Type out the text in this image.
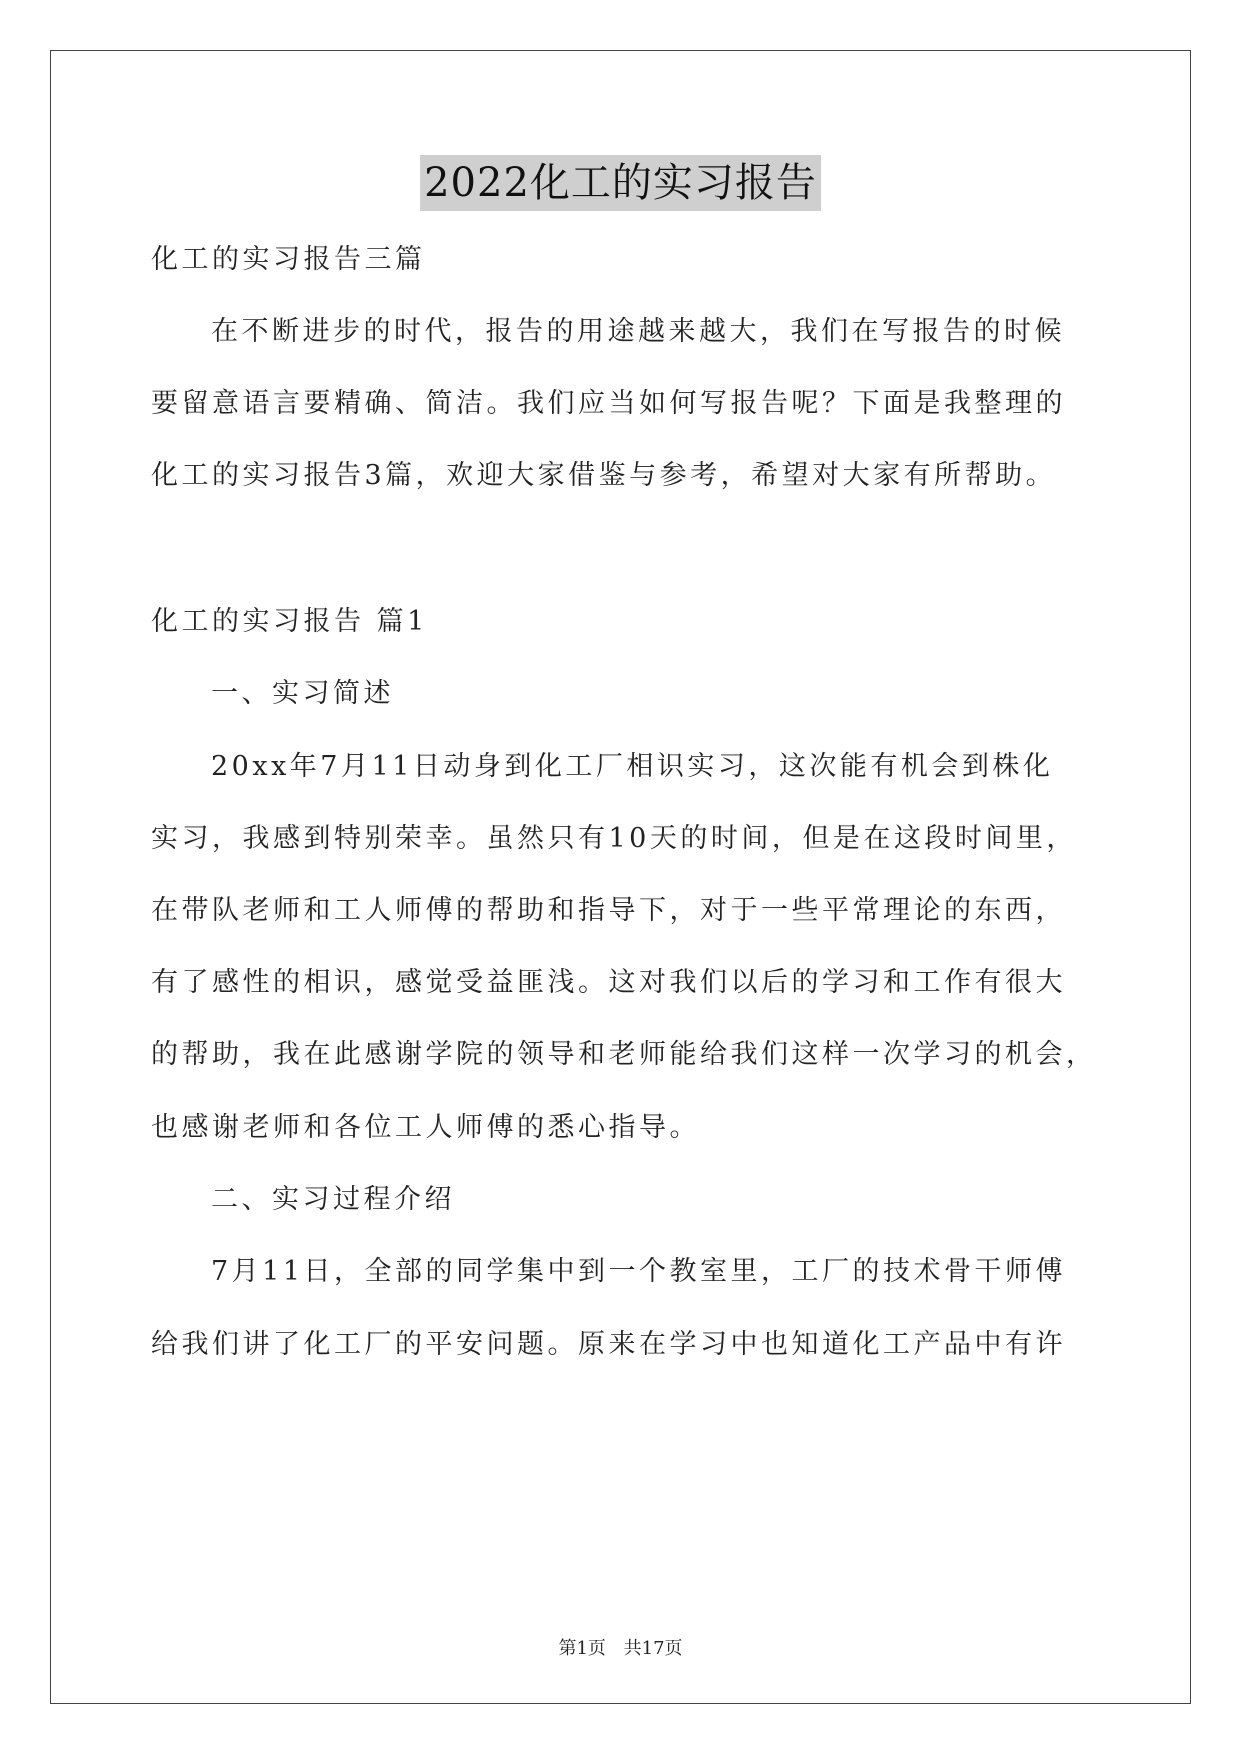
2022化工的实习报告
化工的实习报告三篇
在不断进步的时代，报告的用途越来越大，我们在写报告的时候
要留意语言要精确、简洁。我们应当如何写报告呢？下面是我整理的
化工的实习报告3篇，欢迎大家借鉴与参考，希望对大家有所帮助。
化工的实习报告 篇1
一、实习简述
20xx年7月11日动身到化工厂相识实习，这次能有机会到株化
实习，我感到特别荣幸。虽然只有10天的时间，但是在这段时间里，
在带队老师和工人师傅的帮助和指导下，对于一些平常理论的东西，
有了感性的相识，感觉受益匪浅。这对我们以后的学习和工作有很大
的帮助，我在此感谢学院的领导和老师能给我们这样一次学习的机会，
也感谢老师和各位工人师傅的悉心指导。
二、实习过程介绍
7月11日，全部的同学集中到一个教室里，工厂的技术骨干师傅
给我们讲了化工厂的平安问题。原来在学习中也知道化工产品中有许
第1页 共17页
